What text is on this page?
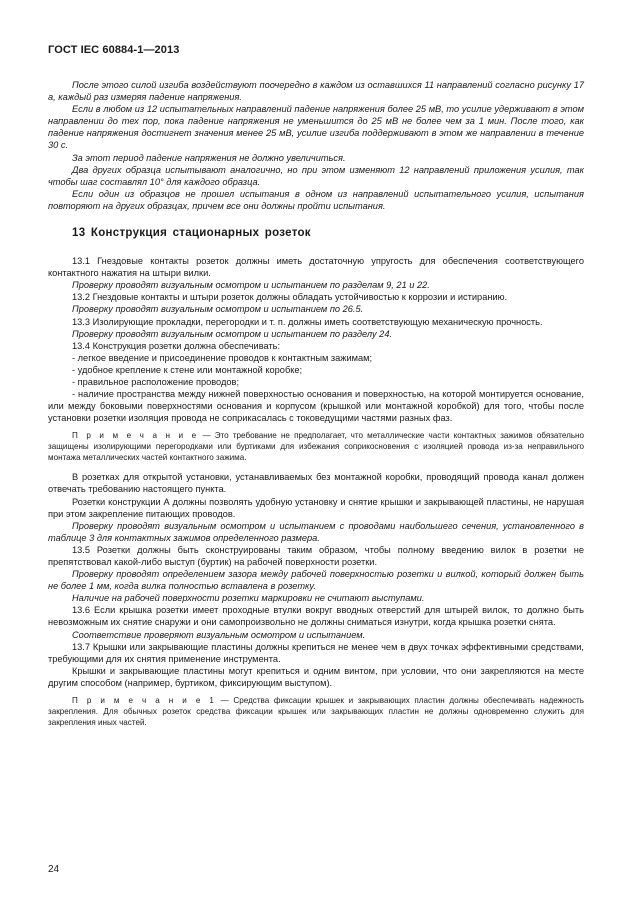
ГОСТ IEC 60884-1—2013

После этого силой изгиба воздействуют поочередно в каждом из оставшихся 11 направлений согласно рисунку 17 а, каждый раз измеряя падение напряжения.

Если в любом из 12 испытательных направлений падение напряжения более 25 мВ, то усилие удерживают в этом направлении до тех пор, пока падение напряжения не уменьшится до 25 мВ не более чем за 1 мин. После того, как падение напряжения достигнет значения менее 25 мВ, усилие изгиба поддерживают в этом же направлении в течение 30 с.

За этот период падение напряжения не должно увеличиться.

Два других образца испытывают аналогично, но при этом изменяют 12 направлений приложения усилия, так чтобы шаг составлял 10° для каждого образца.

Если один из образцов не прошел испытания в одном из направлений испытательного усилия, испытания повторяют на других образцах, причем все они должны пройти испытания.

13 Конструкция стационарных розеток

13.1 Гнездовые контакты розеток должны иметь достаточную упругость для обеспечения соответствующего контактного нажатия на штыри вилки.

Проверку проводят визуальным осмотром и испытанием по разделам 9, 21 и 22.

13.2 Гнездовые контакты и штыри розеток должны обладать устойчивостью к коррозии и истиранию.

Проверку проводят визуальным осмотром и испытанием по 26.5.

13.3 Изолирующие прокладки, перегородки и т. п. должны иметь соответствующую механическую прочность.

Проверку проводят визуальным осмотром и испытанием по разделу 24.

13.4 Конструкция розетки должна обеспечивать:

- легкое введение и присоединение проводов к контактным зажимам;

- удобное крепление к стене или монтажной коробке;

- правильное расположение проводов;

- наличие пространства между нижней поверхностью основания и поверхностью, на которой монтируется основание, или между боковыми поверхностями основания и корпусом (крышкой или монтажной коробкой) для того, чтобы после установки розетки изоляция провода не соприкасалась с токоведущими частями разных фаз.

П р и м е ч а н и е — Это требование не предполагает, что металлические части контактных зажимов обязательно защищены изолирующими перегородками или буртиками для избежания соприкосновения с изоляцией провода из-за неправильного монтажа металлических частей контактного зажима.

В розетках для открытой установки, устанавливаемых без монтажной коробки, проводящий провода канал должен отвечать требованию настоящего пункта.

Розетки конструкции А должны позволять удобную установку и снятие крышки и закрывающей пластины, не нарушая при этом закрепление питающих проводов.

Проверку проводят визуальным осмотром и испытанием с проводами наибольшего сечения, установленного в таблице 3 для контактных зажимов определенного размера.

13.5 Розетки должны быть сконструированы таким образом, чтобы полному введению вилок в розетки не препятствовал какой-либо выступ (буртик) на рабочей поверхности розетки.

Проверку проводят определением зазора между рабочей поверхностью розетки и вилкой, который должен быть не более 1 мм, когда вилка полностью вставлена в розетку.

Наличие на рабочей поверхности розетки маркировки не считают выступами.

13.6 Если крышка розетки имеет проходные втулки вокруг вводных отверстий для штырей вилок, то должно быть невозможным их снятие снаружи и они самопроизвольно не должны сниматься изнутри, когда крышка розетки снята.

Соответствие проверяют визуальным осмотром и испытанием.

13.7 Крышки или закрывающие пластины должны крепиться не менее чем в двух точках эффективными средствами, требующими для их снятия применение инструмента.

Крышки и закрывающие пластины могут крепиться и одним винтом, при условии, что они закрепляются на месте другим способом (например, буртиком, фиксирующим выступом).

П р и м е ч а н и е 1 — Средства фиксации крышек и закрывающих пластин должны обеспечивать надежность закрепления. Для обычных розеток средства фиксации крышек или закрывающих пластин не должны одновременно служить для закрепления иных частей.

24
